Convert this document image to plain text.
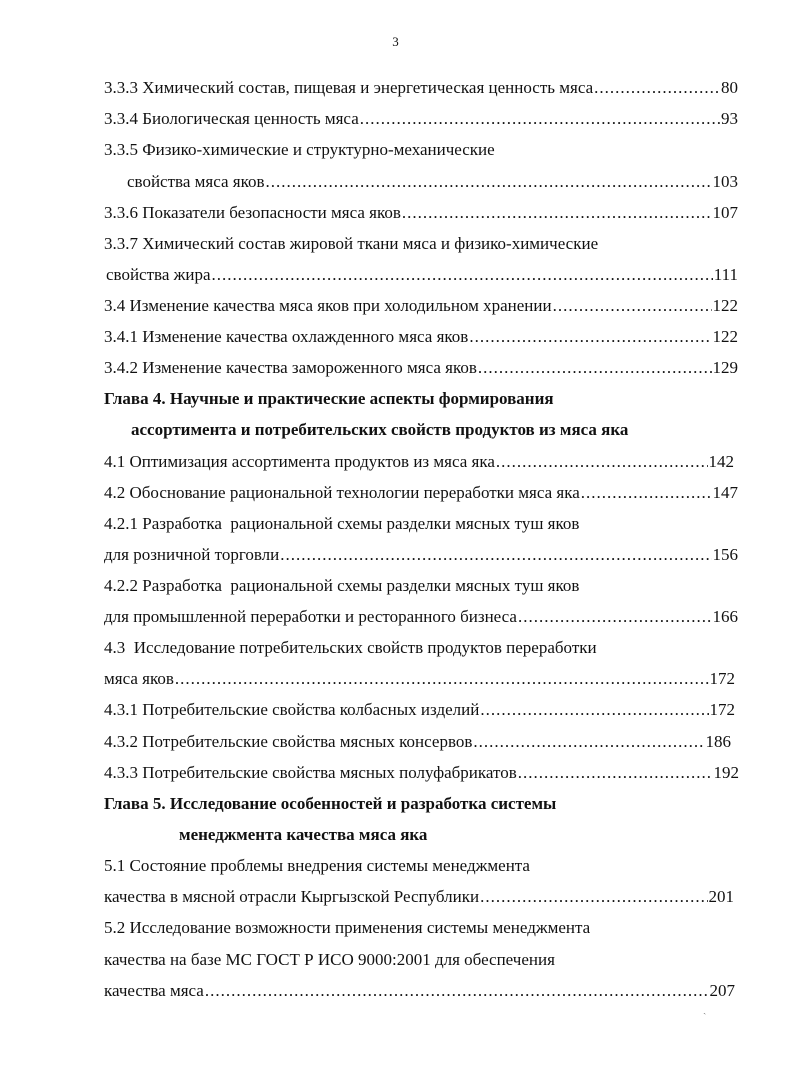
3
3.3.3 Химический состав, пищевая и энергетическая ценность мяса .....	80
3.3.4 Биологическая ценность мяса .....	93
3.3.5 Физико-химические и структурно-механические
свойства мяса яков .....	103
3.3.6 Показатели безопасности мяса яков .....	107
3.3.7 Химический состав жировой ткани мяса и физико-химические
свойства жира .....	111
3.4 Изменение качества мяса яков при холодильном хранении .....	122
3.4.1 Изменение качества охлажденного мяса яков .....	122
3.4.2 Изменение качества замороженного мяса яков .....	129
Глава 4. Научные и практические аспекты формирования
ассортимента и потребительских свойств продуктов из мяса яка
4.1 Оптимизация ассортимента продуктов из мяса яка .....	142
4.2 Обоснование рациональной технологии переработки мяса яка .....	147
4.2.1 Разработка  рациональной схемы разделки мясных туш яков
для розничной торговли .....	156
4.2.2 Разработка  рациональной схемы разделки мясных туш яков
для промышленной переработки и ресторанного бизнеса .....	166
4.3  Исследование потребительских свойств продуктов переработки
мяса яков .....	172
4.3.1 Потребительские свойства колбасных изделий .....	172
4.3.2 Потребительские свойства мясных консервов .....	186
4.3.3 Потребительские свойства мясных полуфабрикатов .....	192
Глава 5. Исследование особенностей и разработка системы
менеджмента качества мяса яка
5.1 Состояние проблемы внедрения системы менеджмента
качества в мясной отрасли Кыргызской Республики .....	201
5.2 Исследование возможности применения системы менеджмента
качества на базе МС ГОСТ Р ИСО 9000:2001 для обеспечения
качества мяса .....	207
ˏ
